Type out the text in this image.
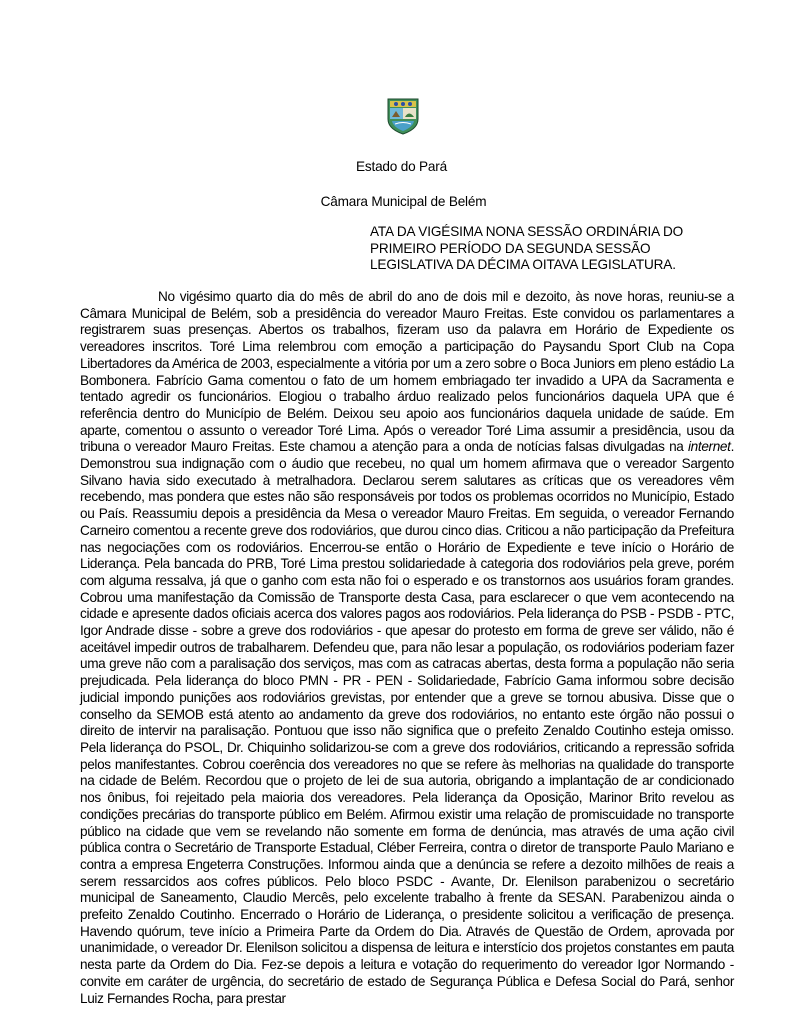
Estado do Pará
Câmara Municipal de Belém
ATA DA VIGÉSIMA NONA SESSÃO ORDINÁRIA DO PRIMEIRO PERÍODO DA SEGUNDA SESSÃO LEGISLATIVA DA DÉCIMA OITAVA LEGISLATURA.

No vigésimo quarto dia do mês de abril do ano de dois mil e dezoito, às nove horas, reuniu-se a Câmara Municipal de Belém, sob a presidência do vereador Mauro Freitas. Este convidou os parlamentares a registrarem suas presenças. Abertos os trabalhos, fizeram uso da palavra em Horário de Expediente os vereadores inscritos. Toré Lima relembrou com emoção a participação do Paysandu Sport Club na Copa Libertadores da América de 2003, especialmente a vitória por um a zero sobre o Boca Juniors em pleno estádio La Bombonera. Fabrício Gama comentou o fato de um homem embriagado ter invadido a UPA da Sacramenta e tentado agredir os funcionários. Elogiou o trabalho árduo realizado pelos funcionários daquela UPA que é referência dentro do Município de Belém. Deixou seu apoio aos funcionários daquela unidade de saúde. Em aparte, comentou o assunto o vereador Toré Lima. Após o vereador Toré Lima assumir a presidência, usou da tribuna o vereador Mauro Freitas. Este chamou a atenção para a onda de notícias falsas divulgadas na internet. Demonstrou sua indignação com o áudio que recebeu, no qual um homem afirmava que o vereador Sargento Silvano havia sido executado à metralhadora. Declarou serem salutares as críticas que os vereadores vêm recebendo, mas pondera que estes não são responsáveis por todos os problemas ocorridos no Município, Estado ou País. Reassumiu depois a presidência da Mesa o vereador Mauro Freitas. Em seguida, o vereador Fernando Carneiro comentou a recente greve dos rodoviários, que durou cinco dias. Criticou a não participação da Prefeitura nas negociações com os rodoviários. Encerrou-se então o Horário de Expediente e teve início o Horário de Liderança. Pela bancada do PRB, Toré Lima prestou solidariedade à categoria dos rodoviários pela greve, porém com alguma ressalva, já que o ganho com esta não foi o esperado e os transtornos aos usuários foram grandes. Cobrou uma manifestação da Comissão de Transporte desta Casa, para esclarecer o que vem acontecendo na cidade e apresente dados oficiais acerca dos valores pagos aos rodoviários. Pela liderança do PSB - PSDB - PTC, Igor Andrade disse - sobre a greve dos rodoviários - que apesar do protesto em forma de greve ser válido, não é aceitável impedir outros de trabalharem. Defendeu que, para não lesar a população, os rodoviários poderiam fazer uma greve não com a paralisação dos serviços, mas com as catracas abertas, desta forma a população não seria prejudicada. Pela liderança do bloco PMN - PR - PEN - Solidariedade, Fabrício Gama informou sobre decisão judicial impondo punições aos rodoviários grevistas, por entender que a greve se tornou abusiva. Disse que o conselho da SEMOB está atento ao andamento da greve dos rodoviários, no entanto este órgão não possui o direito de intervir na paralisação. Pontuou que isso não significa que o prefeito Zenaldo Coutinho esteja omisso. Pela liderança do PSOL, Dr. Chiquinho solidarizou-se com a greve dos rodoviários, criticando a repressão sofrida pelos manifestantes. Cobrou coerência dos vereadores no que se refere às melhorias na qualidade do transporte na cidade de Belém. Recordou que o projeto de lei de sua autoria, obrigando a implantação de ar condicionado nos ônibus, foi rejeitado pela maioria dos vereadores. Pela liderança da Oposição, Marinor Brito revelou as condições precárias do transporte público em Belém. Afirmou existir uma relação de promiscuidade no transporte público na cidade que vem se revelando não somente em forma de denúncia, mas através de uma ação civil pública contra o Secretário de Transporte Estadual, Cléber Ferreira, contra o diretor de transporte Paulo Mariano e contra a empresa Engeterra Construções. Informou ainda que a denúncia se refere a dezoito milhões de reais a serem ressarcidos aos cofres públicos. Pelo bloco PSDC - Avante, Dr. Elenilson parabenizou o secretário municipal de Saneamento, Claudio Mercês, pelo excelente trabalho à frente da SESAN. Parabenizou ainda o prefeito Zenaldo Coutinho. Encerrado o Horário de Liderança, o presidente solicitou a verificação de presença. Havendo quórum, teve início a Primeira Parte da Ordem do Dia. Através de Questão de Ordem, aprovada por unanimidade, o vereador Dr. Elenilson solicitou a dispensa de leitura e interstício dos projetos constantes em pauta nesta parte da Ordem do Dia. Fez-se depois a leitura e votação do requerimento do vereador Igor Normando - convite em caráter de urgência, do secretário de estado de Segurança Pública e Defesa Social do Pará, senhor Luiz Fernandes Rocha, para prestar
